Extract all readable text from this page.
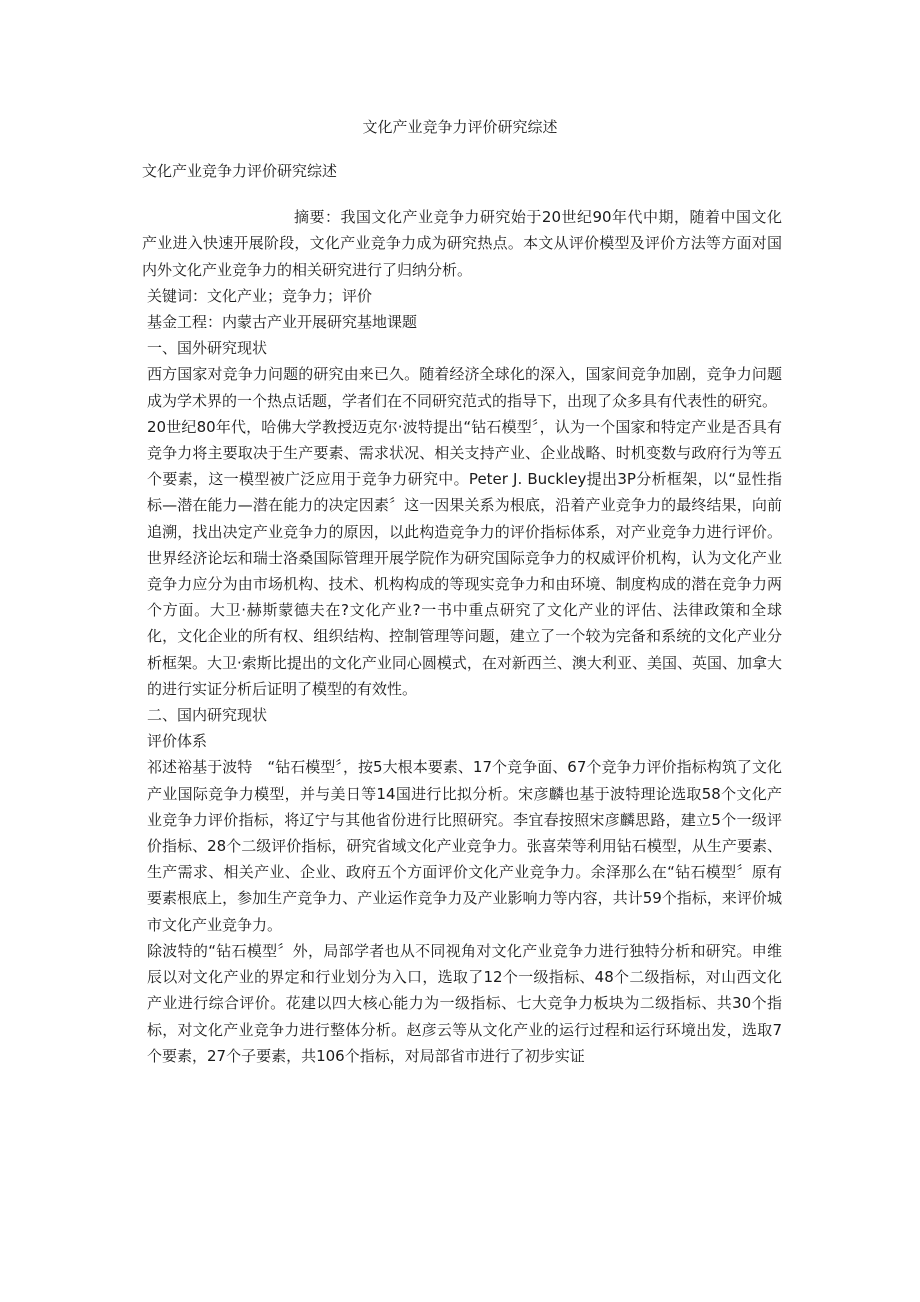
文化产业竞争力评价研究综述

文化产业竞争力评价研究综述

摘要：我国文化产业竞争力研究始于20世纪90年代中期，随着中国文化产业进入快速开展阶段，文化产业竞争力成为研究热点。本文从评价模型及评价方法等方面对国内外文化产业竞争力的相关研究进行了归纳分析。

关键词：文化产业；竞争力；评价

基金工程：内蒙古产业开展研究基地课题

一、国外研究现状

西方国家对竞争力问题的研究由来已久。随着经济全球化的深入，国家间竞争加剧，竞争力问题成为学术界的一个热点话题，学者们在不同研究范式的指导下，出现了众多具有代表性的研究。

20世纪80年代，哈佛大学教授迈克尔·波特提出“钻石模型〞，认为一个国家和特定产业是否具有竞争力将主要取决于生产要素、需求状况、相关支持产业、企业战略、时机变数与政府行为等五个要素，这一模型被广泛应用于竞争力研究中。Peter J. Buckley提出3P分析框架，以“显性指标—潜在能力—潜在能力的决定因素〞这一因果关系为根底，沿着产业竞争力的最终结果，向前追溯，找出决定产业竞争力的原因，以此构造竞争力的评价指标体系，对产业竞争力进行评价。世界经济论坛和瑞士洛桑国际管理开展学院作为研究国际竞争力的权威评价机构，认为文化产业竞争力应分为由市场机构、技术、机构构成的等现实竞争力和由环境、制度构成的潜在竞争力两个方面。大卫·赫斯蒙德夫在?文化产业?一书中重点研究了文化产业的评估、法律政策和全球化，文化企业的所有权、组织结构、控制管理等问题，建立了一个较为完备和系统的文化产业分析框架。大卫·索斯比提出的文化产业同心圆模式，在对新西兰、澳大利亚、美国、英国、加拿大的进行实证分析后证明了模型的有效性。

二、国内研究现状

评价体系

祁述裕基于波特　“钻石模型〞，按5大根本要素、17个竞争面、67个竞争力评价指标构筑了文化产业国际竞争力模型，并与美日等14国进行比拟分析。宋彦麟也基于波特理论选取58个文化产业竞争力评价指标，将辽宁与其他省份进行比照研究。李宜春按照宋彦麟思路，建立5个一级评价指标、28个二级评价指标，研究省域文化产业竞争力。张喜荣等利用钻石模型，从生产要素、生产需求、相关产业、企业、政府五个方面评价文化产业竞争力。余泽那么在“钻石模型〞原有要素根底上，参加生产竞争力、产业运作竞争力及产业影响力等内容，共计59个指标，来评价城市文化产业竞争力。

除波特的“钻石模型〞外，局部学者也从不同视角对文化产业竞争力进行独特分析和研究。申维辰以对文化产业的界定和行业划分为入口，选取了12个一级指标、48个二级指标，对山西文化产业进行综合评价。花建以四大核心能力为一级指标、七大竞争力板块为二级指标、共30个指标，对文化产业竞争力进行整体分析。赵彦云等从文化产业的运行过程和运行环境出发，选取7个要素，27个子要素，共106个指标，对局部省市进行了初步实证
